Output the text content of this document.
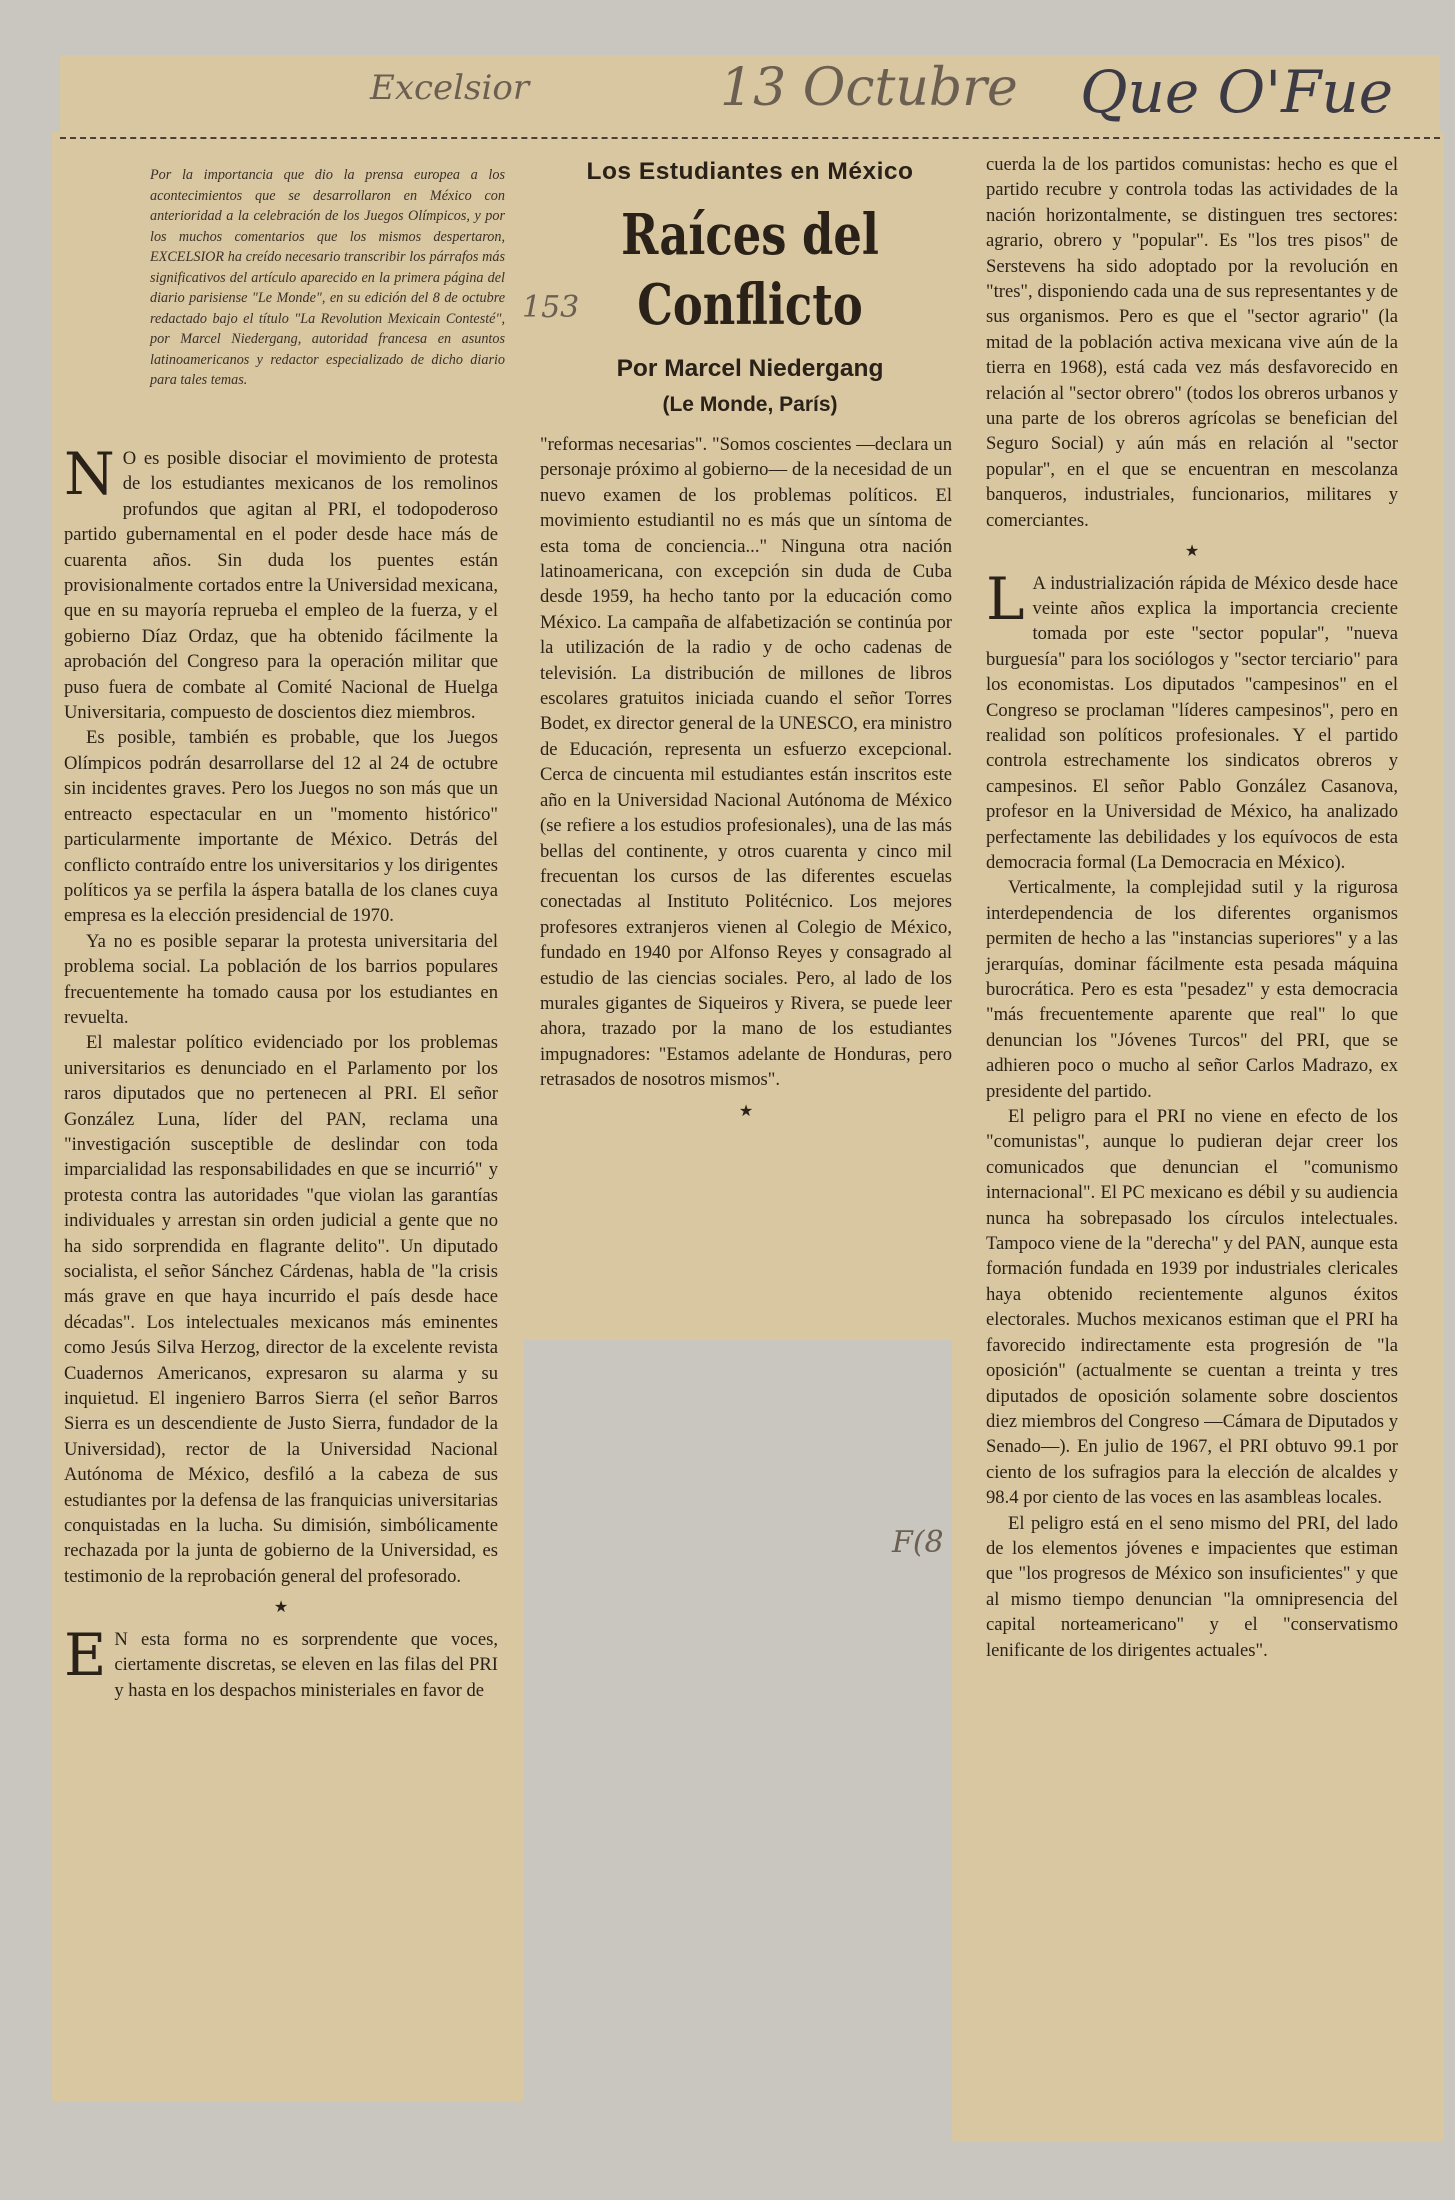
Excelsior	13 Octubre Que O'Fue
153
F(8
Por la importancia que dio la prensa europea a los acontecimientos que se desarrollaron en México con anterioridad a la celebración de los Juegos Olímpicos, y por los muchos comentarios que los mismos despertaron, EXCELSIOR ha creído necesario transcribir los párrafos más significativos del artículo aparecido en la primera página del diario parisiense "Le Monde", en su edición del 8 de octubre redactado bajo el título "La Revolution Mexicain Contesté", por Marcel Niedergang, autoridad francesa en asuntos latinoamericanos y redactor especializado de dicho diario para tales temas.
Los Estudiantes en México
Raíces del
Conflicto
Por Marcel Niedergang
(Le Monde, París)

N O es posible disociar el movimiento de protesta de los estudiantes mexicanos de los remolinos profundos que agitan al PRI, el todopoderoso partido gubernamental en el poder desde hace más de cuarenta años. Sin duda los puentes están provisionalmente cortados entre la Universidad mexicana, que en su mayoría reprueba el empleo de la fuerza, y el gobierno Díaz Ordaz, que ha obtenido fácilmente la aprobación del Congreso para la operación militar que puso fuera de combate al Comité Nacional de Huelga Universitaria, compuesto de doscientos diez miembros.

Es posible, también es probable, que los Juegos Olímpicos podrán desarrollarse del 12 al 24 de octubre sin incidentes graves. Pero los Juegos no son más que un entreacto espectacular en un "momento histórico" particularmente importante de México. Detrás del conflicto contraído entre los universitarios y los dirigentes políticos ya se perfila la áspera batalla de los clanes cuya empresa es la elección presidencial de 1970.

Ya no es posible separar la protesta universitaria del problema social. La población de los barrios populares frecuentemente ha tomado causa por los estudiantes en revuelta.

El malestar político evidenciado por los problemas universitarios es denunciado en el Parlamento por los raros diputados que no pertenecen al PRI. El señor González Luna, líder del PAN, reclama una "investigación susceptible de deslindar con toda imparcialidad las responsabilidades en que se incurrió" y protesta contra las autoridades "que violan las garantías individuales y arrestan sin orden judicial a gente que no ha sido sorprendida en flagrante delito". Un diputado socialista, el señor Sánchez Cárdenas, habla de "la crisis más grave en que haya incurrido el país desde hace décadas". Los intelectuales mexicanos más eminentes como Jesús Silva Herzog, director de la excelente revista Cuadernos Americanos, expresaron su alarma y su inquietud. El ingeniero Barros Sierra (el señor Barros Sierra es un descendiente de Justo Sierra, fundador de la Universidad), rector de la Universidad Nacional Autónoma de México, desfiló a la cabeza de sus estudiantes por la defensa de las franquicias universitarias conquistadas en la lucha. Su dimisión, simbólicamente rechazada por la junta de gobierno de la Universidad, es testimonio de la reprobación general del profesorado.

★

E N esta forma no es sorprendente que voces, ciertamente discretas, se eleven en las filas del PRI y hasta en los despachos ministeriales en favor de

"reformas necesarias". "Somos coscientes —declara un personaje próximo al gobierno— de la necesidad de un nuevo examen de los problemas políticos. El movimiento estudiantil no es más que un síntoma de esta toma de conciencia..." Ninguna otra nación latinoamericana, con excepción sin duda de Cuba desde 1959, ha hecho tanto por la educación como México. La campaña de alfabetización se continúa por la utilización de la radio y de ocho cadenas de televisión. La distribución de millones de libros escolares gratuitos iniciada cuando el señor Torres Bodet, ex director general de la UNESCO, era ministro de Educación, representa un esfuerzo excepcional. Cerca de cincuenta mil estudiantes están inscritos este año en la Universidad Nacional Autónoma de México (se refiere a los estudios profesionales), una de las más bellas del continente, y otros cuarenta y cinco mil frecuentan los cursos de las diferentes escuelas conectadas al Instituto Politécnico. Los mejores profesores extranjeros vienen al Colegio de México, fundado en 1940 por Alfonso Reyes y consagrado al estudio de las ciencias sociales. Pero, al lado de los murales gigantes de Siqueiros y Rivera, se puede leer ahora, trazado por la mano de los estudiantes impugnadores: "Estamos adelante de Honduras, pero retrasados de nosotros mismos".

★

cuerda la de los partidos comunistas: hecho es que el partido recubre y controla todas las actividades de la nación horizontalmente, se distinguen tres sectores: agrario, obrero y "popular". Es "los tres pisos" de Serstevens ha sido adoptado por la revolución en "tres", disponiendo cada una de sus representantes y de sus organismos. Pero es que el "sector agrario" (la mitad de la población activa mexicana vive aún de la tierra en 1968), está cada vez más desfavorecido en relación al "sector obrero" (todos los obreros urbanos y una parte de los obreros agrícolas se benefician del Seguro Social) y aún más en relación al "sector popular", en el que se encuentran en mescolanza banqueros, industriales, funcionarios, militares y comerciantes.

★

L A industrialización rápida de México desde hace veinte años explica la importancia creciente tomada por este "sector popular", "nueva burguesía" para los sociólogos y "sector terciario" para los economistas. Los diputados "campesinos" en el Congreso se proclaman "líderes campesinos", pero en realidad son políticos profesionales. Y el partido controla estrechamente los sindicatos obreros y campesinos. El señor Pablo González Casanova, profesor en la Universidad de México, ha analizado perfectamente las debilidades y los equívocos de esta democracia formal (La Democracia en México).

Verticalmente, la complejidad sutil y la rigurosa interdependencia de los diferentes organismos permiten de hecho a las "instancias superiores" y a las jerarquías, dominar fácilmente esta pesada máquina burocrática. Pero es esta "pesadez" y esta democracia "más frecuentemente aparente que real" lo que denuncian los "Jóvenes Turcos" del PRI, que se adhieren poco o mucho al señor Carlos Madrazo, ex presidente del partido.

El peligro para el PRI no viene en efecto de los "comunistas", aunque lo pudieran dejar creer los comunicados que denuncian el "comunismo internacional". El PC mexicano es débil y su audiencia nunca ha sobrepasado los círculos intelectuales. Tampoco viene de la "derecha" y del PAN, aunque esta formación fundada en 1939 por industriales clericales haya obtenido recientemente algunos éxitos electorales. Muchos mexicanos estiman que el PRI ha favorecido indirectamente esta progresión de "la oposición" (actualmente se cuentan a treinta y tres diputados de oposición solamente sobre doscientos diez miembros del Congreso —Cámara de Diputados y Senado—). En julio de 1967, el PRI obtuvo 99.1 por ciento de los sufragios para la elección de alcaldes y 98.4 por ciento de las voces en las asambleas locales.

El peligro está en el seno mismo del PRI, del lado de los elementos jóvenes e impacientes que estiman que "los progresos de México son insuficientes" y que al mismo tiempo denuncian "la omnipresencia del capital norteamericano" y el "conservatismo lenificante de los dirigentes actuales".
